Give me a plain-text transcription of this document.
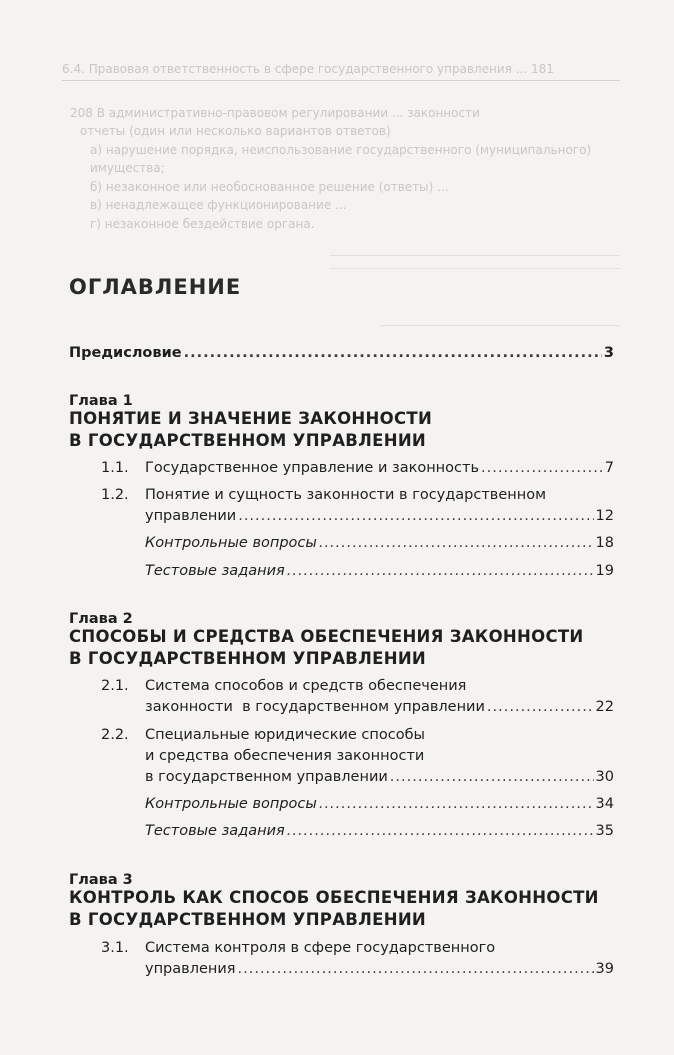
6.4. Правовая ответственность в сфере государственного управления ... 181
208 В административно-правовом регулировании ... законности
отчеты (один или несколько вариантов ответов)
а) нарушение порядка, неиспользование государственного (муниципального)
имущества;
б) незаконное или необоснованное решение (ответы) ...
в) ненадлежащее функционирование ...
г) незаконное бездействие органа.
ОГЛАВЛЕНИЕ
Предисловие .....	3
Глава 1
ПОНЯТИЕ И ЗНАЧЕНИЕ ЗАКОННОСТИ
В ГОСУДАРСТВЕННОМ УПРАВЛЕНИИ
1.1. Государственное управление и законность .....	7
1.2. Понятие и сущность законности в государственном
управлении .....	12
Контрольные вопросы .....	18
Тестовые задания .....	19
Глава 2
СПОСОБЫ И СРЕДСТВА ОБЕСПЕЧЕНИЯ ЗАКОННОСТИ
В ГОСУДАРСТВЕННОМ УПРАВЛЕНИИ
2.1. Система способов и средств обеспечения
законности  в государственном управлении .....	22
2.2. Специальные юридические способы
и средства обеспечения законности
в государственном управлении .....	30
Контрольные вопросы .....	34
Тестовые задания .....	35
Глава 3
КОНТРОЛЬ КАК СПОСОБ ОБЕСПЕЧЕНИЯ ЗАКОННОСТИ
В ГОСУДАРСТВЕННОМ УПРАВЛЕНИИ
3.1. Система контроля в сфере государственного
управления .....	39
